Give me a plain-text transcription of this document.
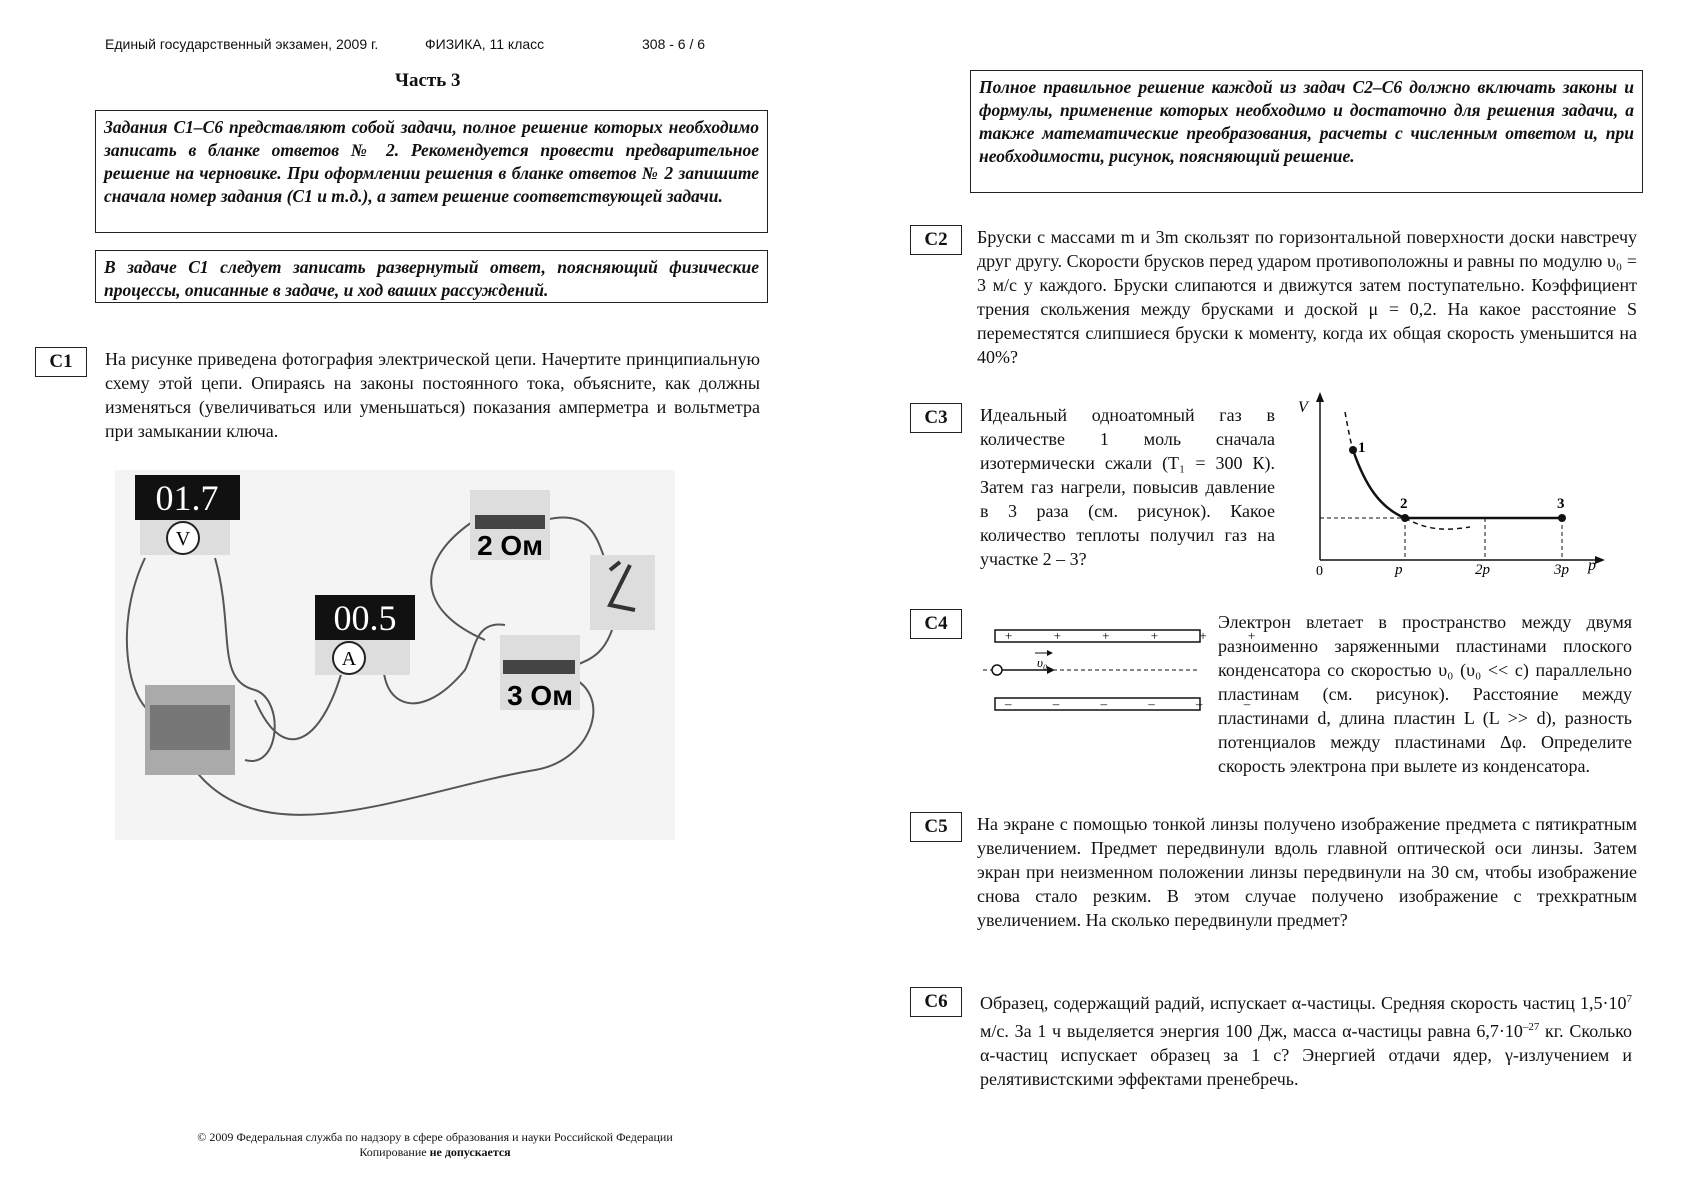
Единый государственный экзамен, 2009 г.	ФИЗИКА, 11 класс	308 - 6 / 6
Часть 3
Задания С1–С6 представляют собой задачи, полное решение которых необходимо записать в бланке ответов № 2. Рекомендуется провести предварительное решение на черновике. При оформлении решения в бланке ответов № 2 запишите сначала номер задания (С1 и т.д.), а затем решение соответствующей задачи.
В задаче С1 следует записать развернутый ответ, поясняющий физические процессы, описанные в задаче, и ход ваших рассуждений.
Полное правильное решение каждой из задач С2–С6 должно включать законы и формулы, применение которых необходимо и достаточно для решения задачи, а также математические преобразования, расчеты с численным ответом и, при необходимости, рисунок, поясняющий решение.
С1	На рисунке приведена фотография электрической цепи. Начертите принципиальную схему этой цепи. Опираясь на законы постоянного тока, объясните, как должны изменяться (увеличиваться или уменьшаться) показания амперметра и вольтметра при замыкании ключа.
01.7
V
00.5
A
2 Ом
3 Ом
С2	Бруски с массами m и 3m скользят по горизонтальной поверхности доски навстречу друг другу. Скорости брусков перед ударом противоположны и равны по модулю υ₀ = 3 м/с у каждого. Бруски слипаются и движутся затем поступательно. Коэффициент трения скольжения между брусками и доской μ = 0,2. На какое расстояние S переместятся слипшиеся бруски к моменту, когда их общая скорость уменьшится на 40%?
С3	Идеальный одноатомный газ в количестве 1 моль сначала изотермически сжали (T₁ = 300 К). Затем газ нагрели, повысив давление в 3 раза (см. рисунок). Какое количество теплоты получил газ на участке 2 – 3?
V
p
0	p	2p	3p
1
2	3
С4
+ + + + + +
– – – – – –
υ₀
Электрон влетает в пространство между двумя разноименно заряженными пластинами плоского конденсатора со скоростью υ₀ (υ₀ << c) параллельно пластинам (см. рисунок). Расстояние между пластинами d, длина пластин L (L >> d), разность потенциалов между пластинами Δφ. Определите скорость электрона при вылете из конденсатора.
С5	На экране с помощью тонкой линзы получено изображение предмета с пятикратным увеличением. Предмет передвинули вдоль главной оптической оси линзы. Затем экран при неизменном положении линзы передвинули на 30 см, чтобы изображение снова стало резким. В этом случае получено изображение с трехкратным увеличением. На сколько передвинули предмет?
С6	Образец, содержащий радий, испускает α-частицы. Средняя скорость частиц $1,5\cdot 10^7$ м/с. За 1 ч выделяется энергия 100 Дж, масса α-частицы равна $6,7\cdot 10^{-27}$ кг. Сколько α-частиц испускает образец за 1 с? Энергией отдачи ядер, γ-излучением и релятивистскими эффектами пренебречь.
© 2009 Федеральная служба по надзору в сфере образования и науки Российской Федерации
Копирование не допускается
